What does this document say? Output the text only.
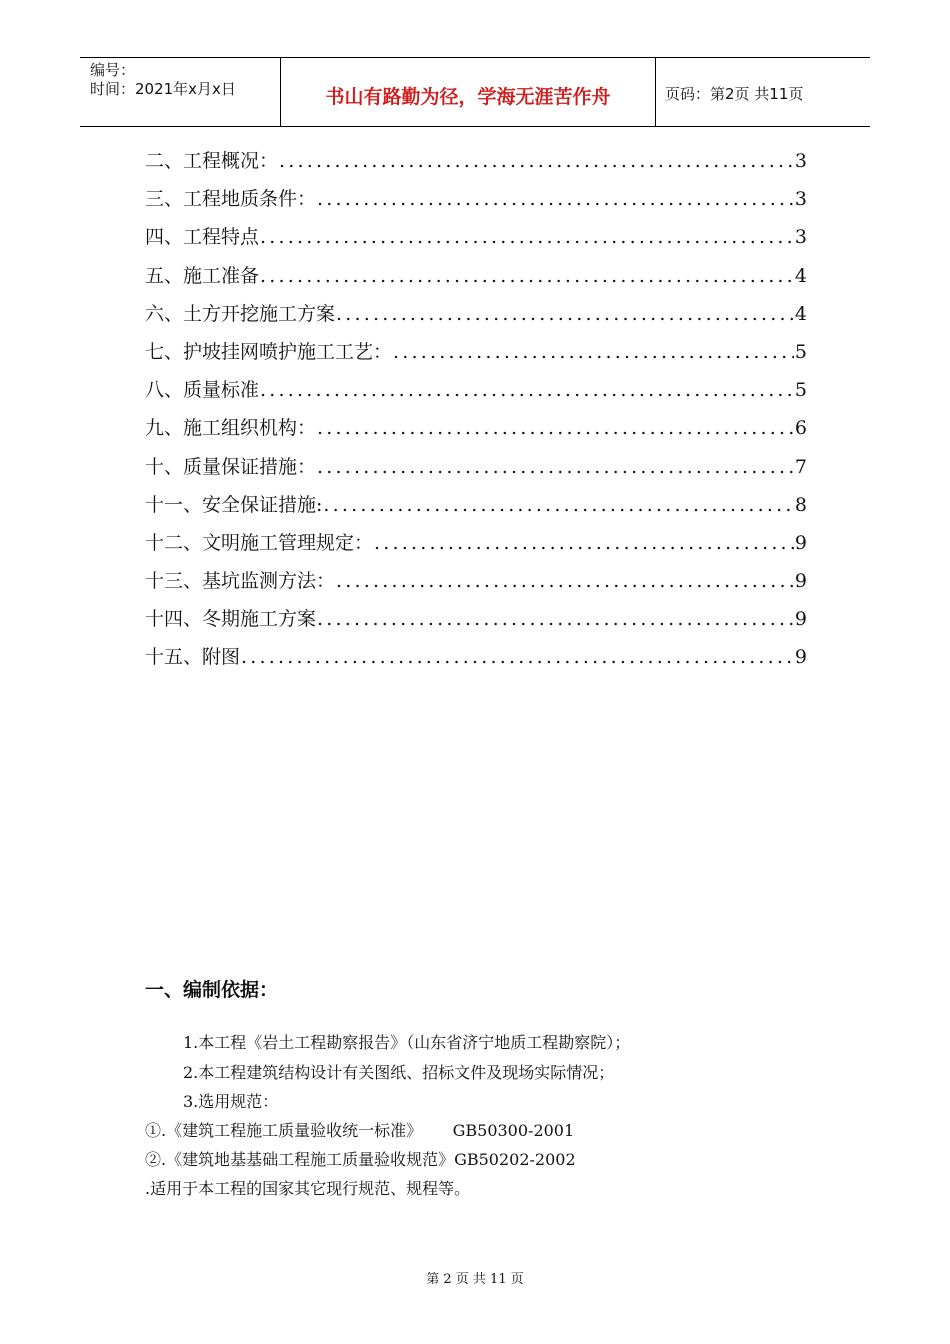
编号：
时间：2021年x月x日	书山有路勤为径，学海无涯苦作舟	页码：第2页 共11页
二、工程概况： .....	3
三、工程地质条件： .....	3
四、工程特点 .....	3
五、施工准备 .....	4
六、土方开挖施工方案 .....	4
七、护坡挂网喷护施工工艺： .....	5
八、质量标准 .....	5
九、施工组织机构： .....	6
十、质量保证措施： .....	7
十一、安全保证措施: .....	8
十二、文明施工管理规定： .....	9
十三、基坑监测方法： .....	9
十四、冬期施工方案 .....	9
十五、附图 .....	9
一、编制依据：
1.本工程《岩土工程勘察报告》（山东省济宁地质工程勘察院）；
2.本工程建筑结构设计有关图纸、招标文件及现场实际情况；
3.选用规范：
①.《建筑工程施工质量验收统一标准》      GB50300-2001
②.《建筑地基基础工程施工质量验收规范》GB50202-2002
.适用于本工程的国家其它现行规范、规程等。
第 2 页 共 11 页
